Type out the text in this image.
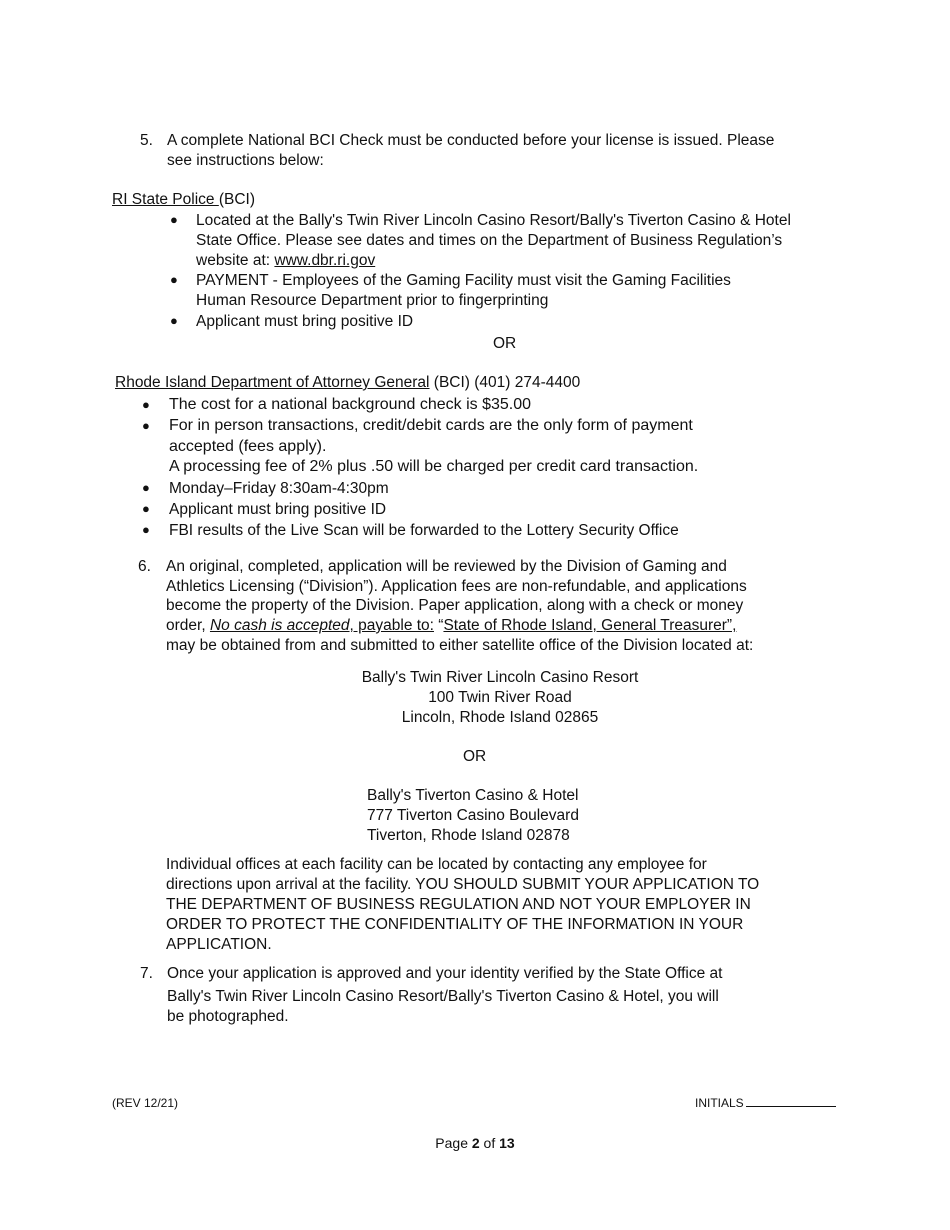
5. A complete National BCI Check must be conducted before your license is issued. Please
see instructions below:
RI State Police (BCI)
● Located at the Bally's Twin River Lincoln Casino Resort/Bally's Tiverton Casino & Hotel
State Office. Please see dates and times on the Department of Business Regulation’s
website at: www.dbr.ri.gov
● PAYMENT - Employees of the Gaming Facility must visit the Gaming Facilities
Human Resource Department prior to fingerprinting
● Applicant must bring positive ID
OR
Rhode Island Department of Attorney General (BCI) (401) 274-4400
● The cost for a national background check is $35.00
● For in person transactions, credit/debit cards are the only form of payment
accepted (fees apply).
A processing fee of 2% plus .50 will be charged per credit card transaction.
● Monday–Friday 8:30am-4:30pm
● Applicant must bring positive ID
● FBI results of the Live Scan will be forwarded to the Lottery Security Office
6. An original, completed, application will be reviewed by the Division of Gaming and
Athletics Licensing (“Division”). Application fees are non-refundable, and applications
become the property of the Division. Paper application, along with a check or money
order, No cash is accepted, payable to: “State of Rhode Island, General Treasurer”,
may be obtained from and submitted to either satellite office of the Division located at:
Bally's Twin River Lincoln Casino Resort
100 Twin River Road
Lincoln, Rhode Island 02865
OR
Bally's Tiverton Casino & Hotel
777 Tiverton Casino Boulevard
Tiverton, Rhode Island 02878
Individual offices at each facility can be located by contacting any employee for
directions upon arrival at the facility. YOU SHOULD SUBMIT YOUR APPLICATION TO
THE DEPARTMENT OF BUSINESS REGULATION AND NOT YOUR EMPLOYER IN
ORDER TO PROTECT THE CONFIDENTIALITY OF THE INFORMATION IN YOUR
APPLICATION.
7. Once your application is approved and your identity verified by the State Office at
Bally's Twin River Lincoln Casino Resort/Bally's Tiverton Casino & Hotel, you will
be photographed.
(REV 12/21)	INITIALS
Page 2 of 13
